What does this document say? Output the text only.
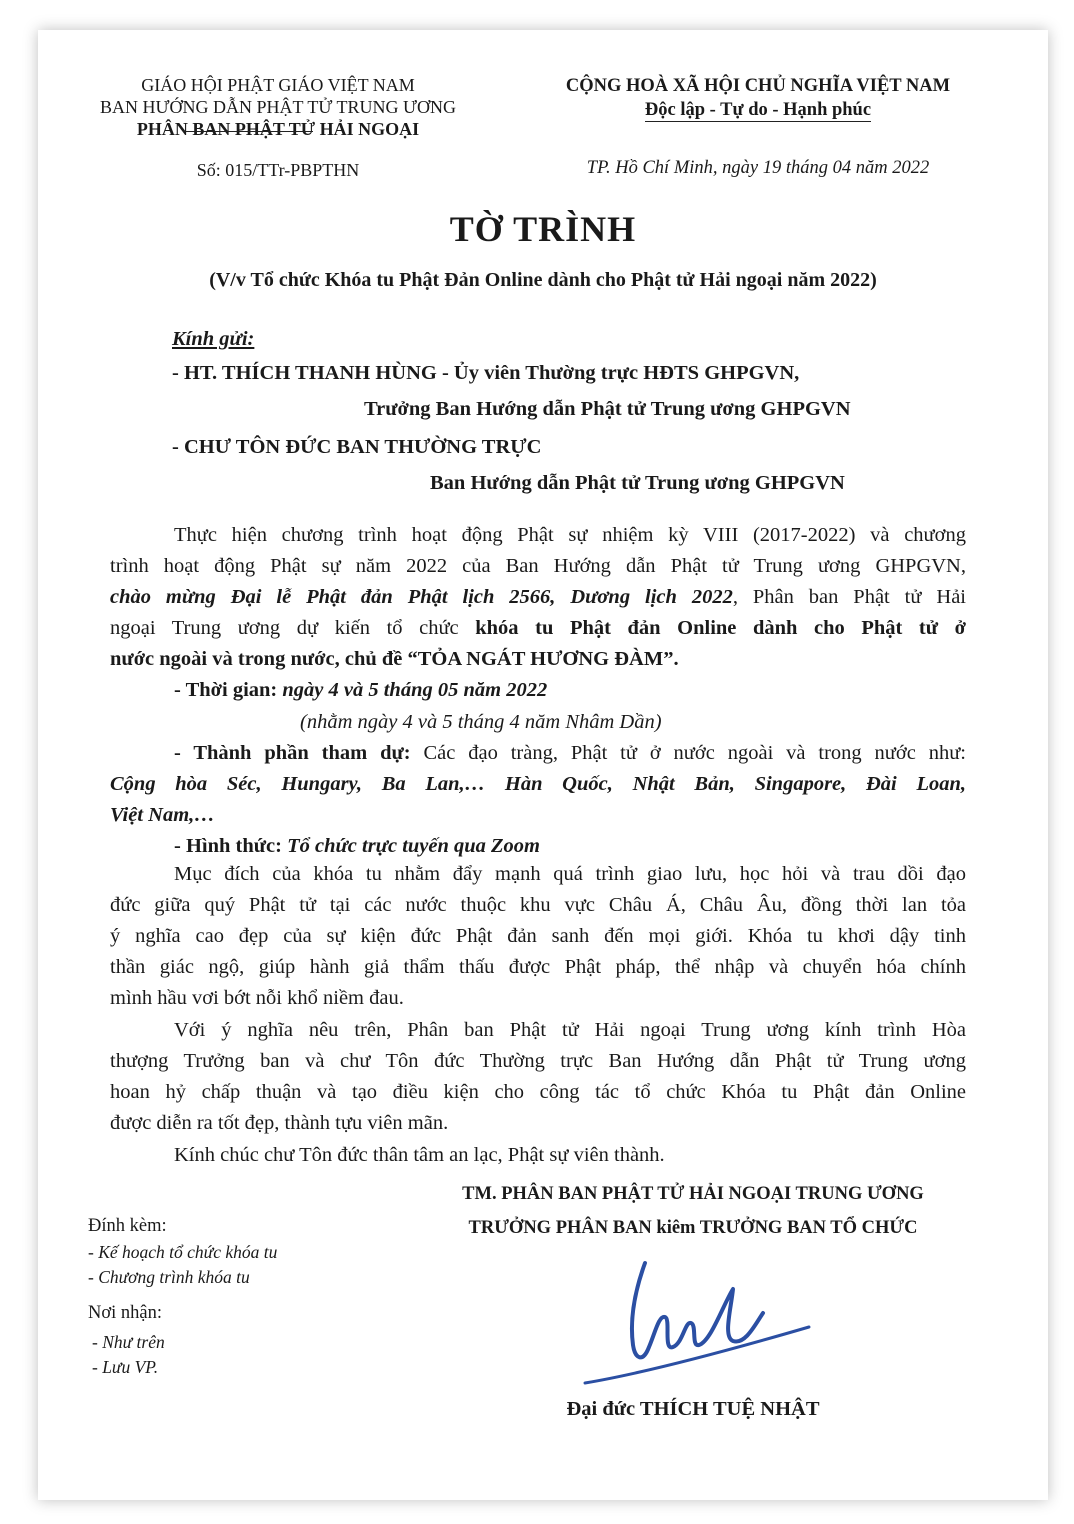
GIÁO HỘI PHẬT GIÁO VIỆT NAM
BAN HƯỚNG DẪN PHẬT TỬ TRUNG ƯƠNG
PHÂN BAN PHẬT TỬ HẢI NGOẠI
Số: 015/TTr-PBPTHN
CỘNG HOÀ XÃ HỘI CHỦ NGHĨA VIỆT NAM
Độc lập - Tự do - Hạnh phúc
TP. Hồ Chí Minh, ngày 19 tháng 04 năm 2022
TỜ TRÌNH
(V/v Tổ chức Khóa tu Phật Đản Online dành cho Phật tử Hải ngoại năm 2022)
Kính gửi:
- HT. THÍCH THANH HÙNG - Ủy viên Thường trực HĐTS GHPGVN,
Trưởng Ban Hướng dẫn Phật tử Trung ương GHPGVN
- CHƯ TÔN ĐỨC BAN THƯỜNG TRỰC
Ban Hướng dẫn Phật tử Trung ương GHPGVN
Thực hiện chương trình hoạt động Phật sự nhiệm kỳ VIII (2017-2022) và chương
trình hoạt động Phật sự năm 2022 của Ban Hướng dẫn Phật tử Trung ương GHPGVN,
chào mừng Đại lễ Phật đản Phật lịch 2566, Dương lịch 2022, Phân ban Phật tử Hải
ngoại Trung ương dự kiến tổ chức khóa tu Phật đản Online dành cho Phật tử ở
nước ngoài và trong nước, chủ đề “TỎA NGÁT HƯƠNG ĐÀM”.
- Thời gian: ngày 4 và 5 tháng 05 năm 2022
(nhằm ngày 4 và 5 tháng 4 năm Nhâm Dần)
- Thành phần tham dự: Các đạo tràng, Phật tử ở nước ngoài và trong nước như:
Cộng hòa Séc, Hungary, Ba Lan,… Hàn Quốc, Nhật Bản, Singapore, Đài Loan,
Việt Nam,…
- Hình thức: Tổ chức trực tuyến qua Zoom
Mục đích của khóa tu nhằm đẩy mạnh quá trình giao lưu, học hỏi và trau dồi đạo
đức giữa quý Phật tử tại các nước thuộc khu vực Châu Á, Châu Âu, đồng thời lan tỏa
ý nghĩa cao đẹp của sự kiện đức Phật đản sanh đến mọi giới. Khóa tu khơi dậy tinh
thần giác ngộ, giúp hành giả thẩm thấu được Phật pháp, thể nhập và chuyển hóa chính
mình hầu vơi bớt nỗi khổ niềm đau.
Với ý nghĩa nêu trên, Phân ban Phật tử Hải ngoại Trung ương kính trình Hòa
thượng Trưởng ban và chư Tôn đức Thường trực Ban Hướng dẫn Phật tử Trung ương
hoan hỷ chấp thuận và tạo điều kiện cho công tác tổ chức Khóa tu Phật đản Online
được diễn ra tốt đẹp, thành tựu viên mãn.
Kính chúc chư Tôn đức thân tâm an lạc, Phật sự viên thành.
TM. PHÂN BAN PHẬT TỬ HẢI NGOẠI TRUNG ƯƠNG
TRƯỞNG PHÂN BAN kiêm TRƯỞNG BAN TỔ CHỨC
Đại đức THÍCH TUỆ NHẬT
Đính kèm:
- Kế hoạch tổ chức khóa tu
- Chương trình khóa tu
Nơi nhận:
- Như trên
- Lưu VP.
